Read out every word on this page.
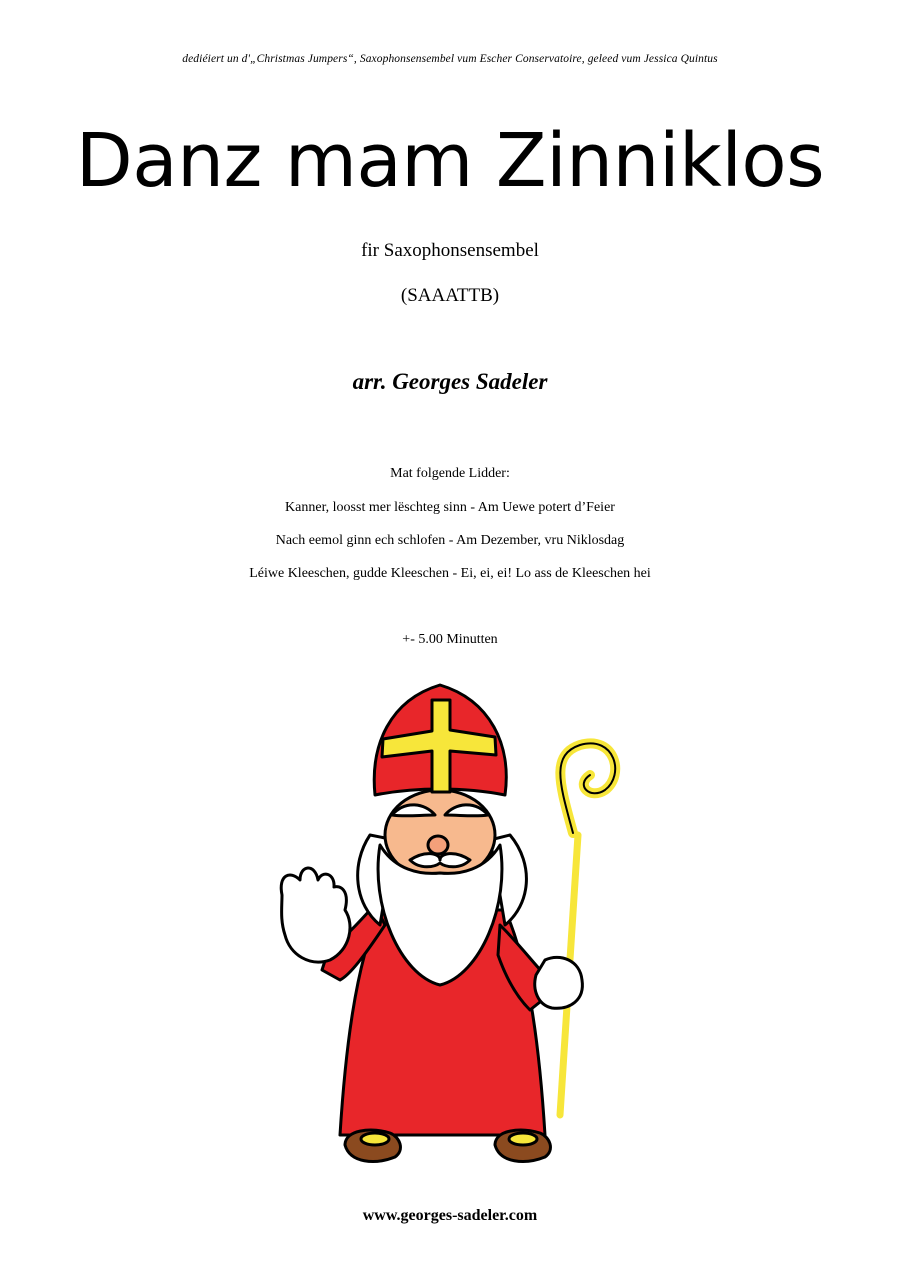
dediéiert un d'„Christmas Jumpers“, Saxophonsensembel vum Escher Conservatoire, geleed vum Jessica Quintus
Danz mam Zinniklos
fir Saxophonsensembel
(SAAATTB)
arr. Georges Sadeler
Mat folgende Lidder:
Kanner, loosst mer lëschteg sinn - Am Uewe potert d’Feier
Nach eemol ginn ech schlofen - Am Dezember, vru Niklosdag
Léiwe Kleeschen, gudde Kleeschen - Ei, ei, ei! Lo ass de Kleeschen hei
+- 5.00 Minutten
www.georges-sadeler.com
